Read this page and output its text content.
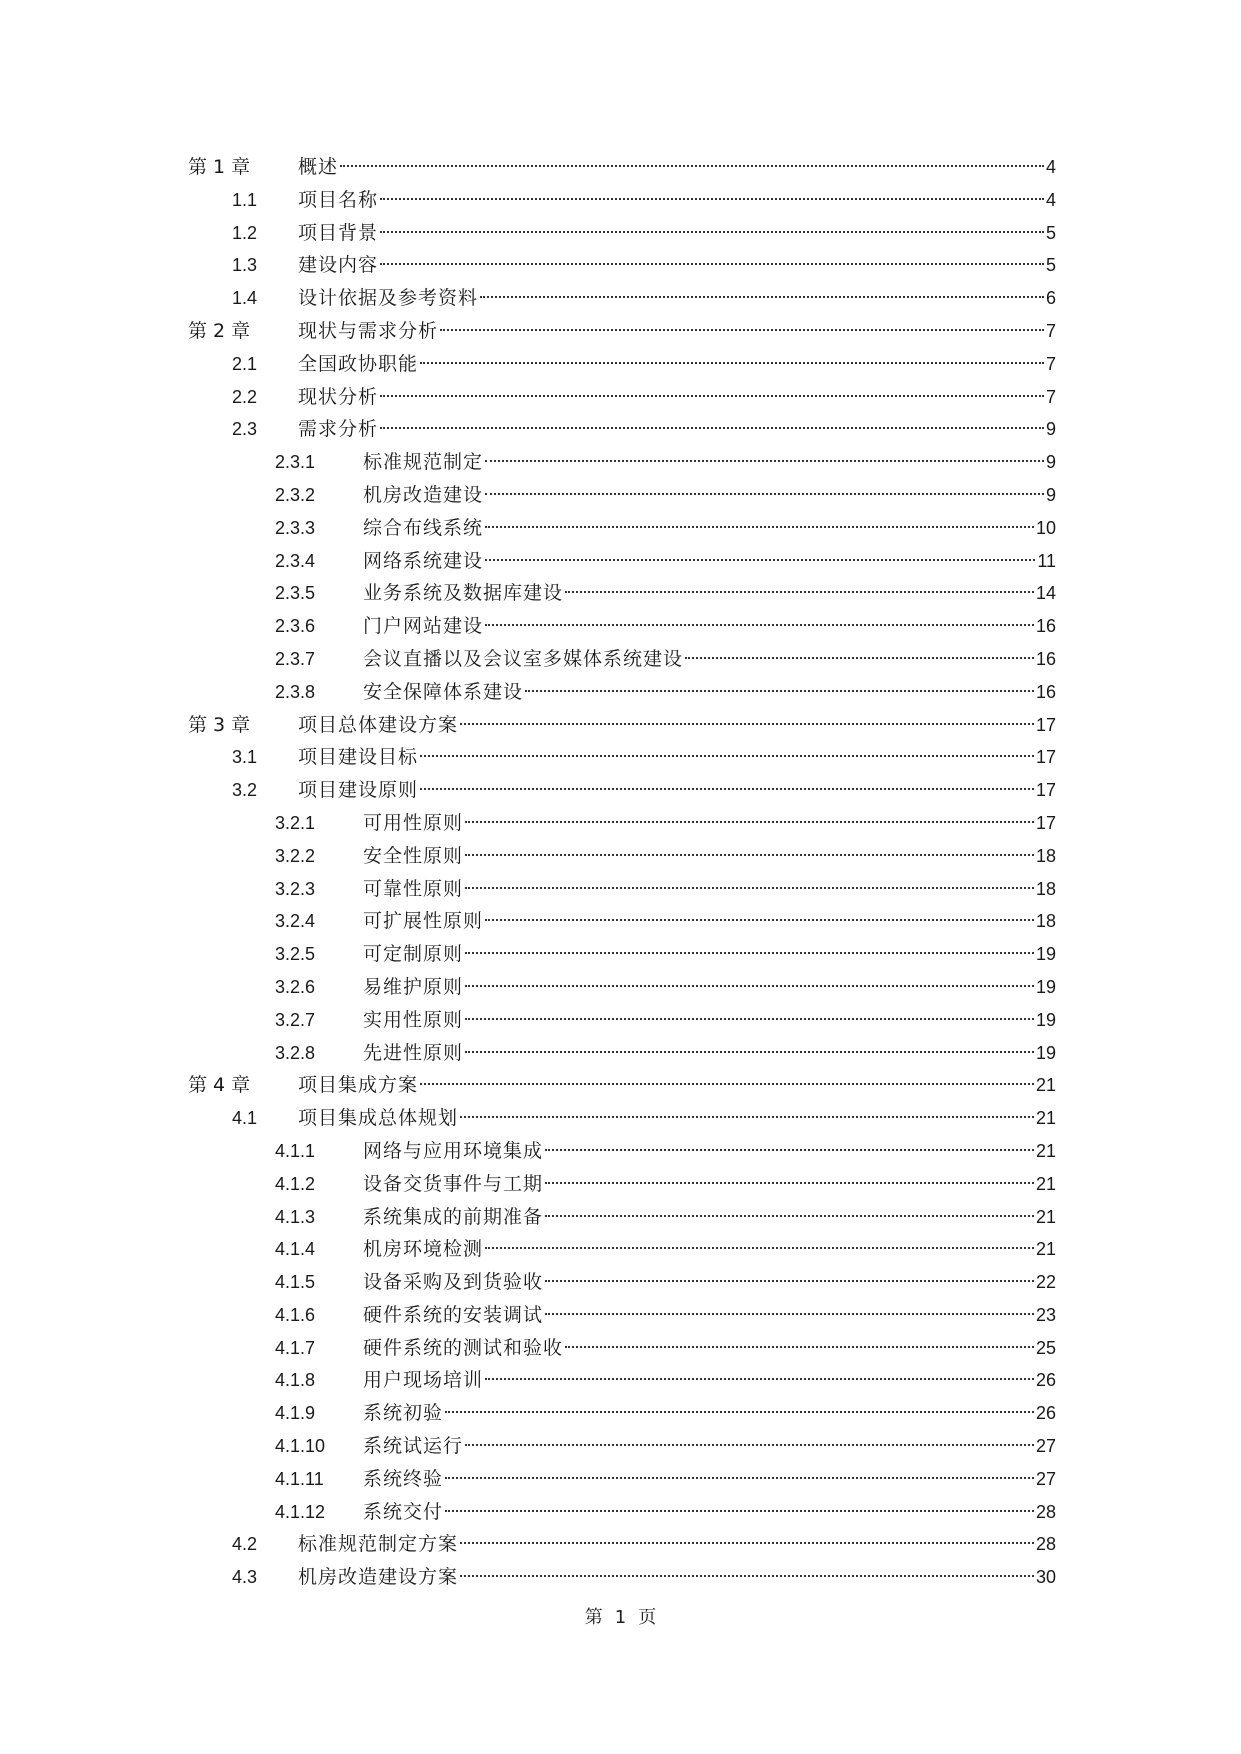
第 1 章	概述	4
1.1 项目名称	4
1.2 项目背景	5
1.3 建设内容	5
1.4 设计依据及参考资料	6
第 2 章	现状与需求分析	7
2.1 全国政协职能	7
2.2 现状分析	7
2.3 需求分析	9
2.3.1	标准规范制定	9
2.3.2	机房改造建设	9
2.3.3	综合布线系统	10
2.3.4	网络系统建设	11
2.3.5	业务系统及数据库建设	14
2.3.6	门户网站建设	16
2.3.7	会议直播以及会议室多媒体系统建设	16
2.3.8	安全保障体系建设	16
第 3 章	项目总体建设方案	17
3.1 项目建设目标	17
3.2 项目建设原则	17
3.2.1	可用性原则	17
3.2.2	安全性原则	18
3.2.3	可靠性原则	18
3.2.4	可扩展性原则	18
3.2.5	可定制原则	19
3.2.6	易维护原则	19
3.2.7	实用性原则	19
3.2.8	先进性原则	19
第 4 章	项目集成方案	21
4.1 项目集成总体规划	21
4.1.1	网络与应用环境集成	21
4.1.2	设备交货事件与工期	21
4.1.3	系统集成的前期准备	21
4.1.4	机房环境检测	21
4.1.5	设备采购及到货验收	22
4.1.6	硬件系统的安装调试	23
4.1.7	硬件系统的测试和验收	25
4.1.8	用户现场培训	26
4.1.9	系统初验	26
4.1.10 系统试运行	27
4.1.11 系统终验	27
4.1.12 系统交付	28
4.2 标准规范制定方案	28
4.3 机房改造建设方案	30
第 1 页
